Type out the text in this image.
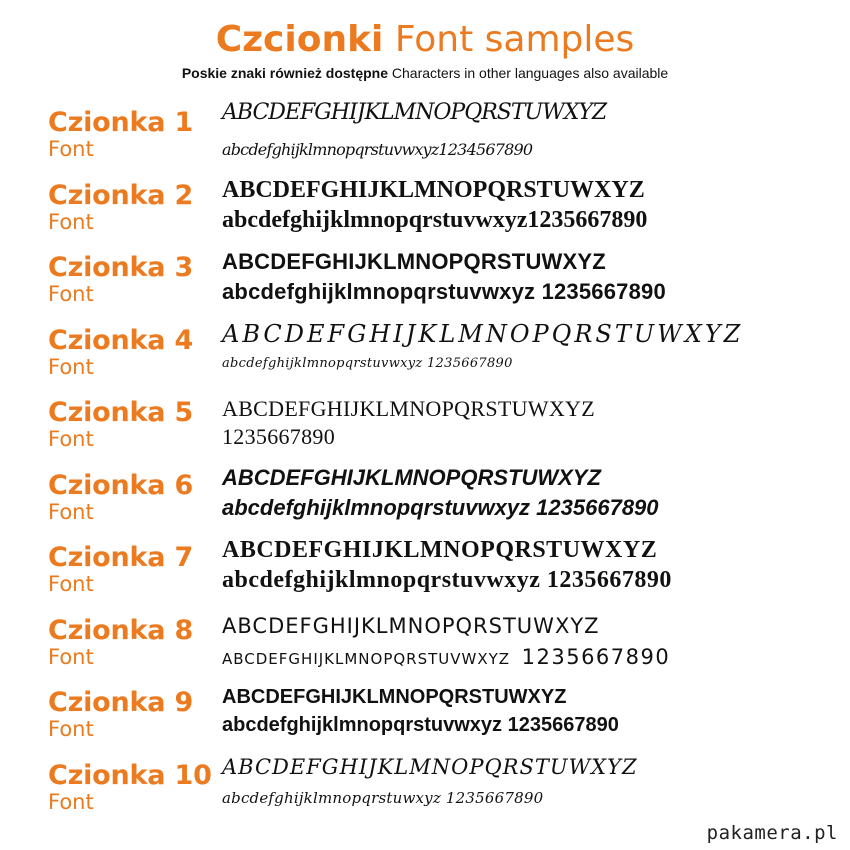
Czcionki Font samples
Poskie znaki również dostępne Characters in other languages also available
Czionka 1
Font
ABCDEFGHIJKLMNOPQRSTUWXYZ
abcdefghijklmnopqrstuvwxyz1234567890
Czionka 2
Font
ABCDEFGHIJKLMNOPQRSTUWXYZ
abcdefghijklmnopqrstuvwxyz1235667890
Czionka 3
Font
ABCDEFGHIJKLMNOPQRSTUWXYZ
abcdefghijklmnopqrstuvwxyz 1235667890
Czionka 4
Font
ABCDEFGHIJKLMNOPQRSTUWXYZ
abcdefghijklmnopqrstuvwxyz 1235667890
Czionka 5
Font
ABCDEFGHIJKLMNOPQRSTUWXYZ
1235667890
Czionka 6
Font
ABCDEFGHIJKLMNOPQRSTUWXYZ
abcdefghijklmnopqrstuvwxyz 1235667890
Czionka 7
Font
ABCDEFGHIJKLMNOPQRSTUWXYZ
abcdefghijklmnopqrstuvwxyz 1235667890
Czionka 8
Font
ABCDEFGHIJKLMNOPQRSTUWXYZ
ABCDEFGHIJKLMNOPQRSTUVWXYZ 1235667890
Czionka 9
Font
ABCDEFGHIJKLMNOPQRSTUWXYZ
abcdefghijklmnopqrstuvwxyz 1235667890
Czionka 10
Font
ABCDEFGHIJKLMNOPQRSTUWXYZ
abcdefghijklmnopqrstuwxyz 1235667890
pakamera.pl
